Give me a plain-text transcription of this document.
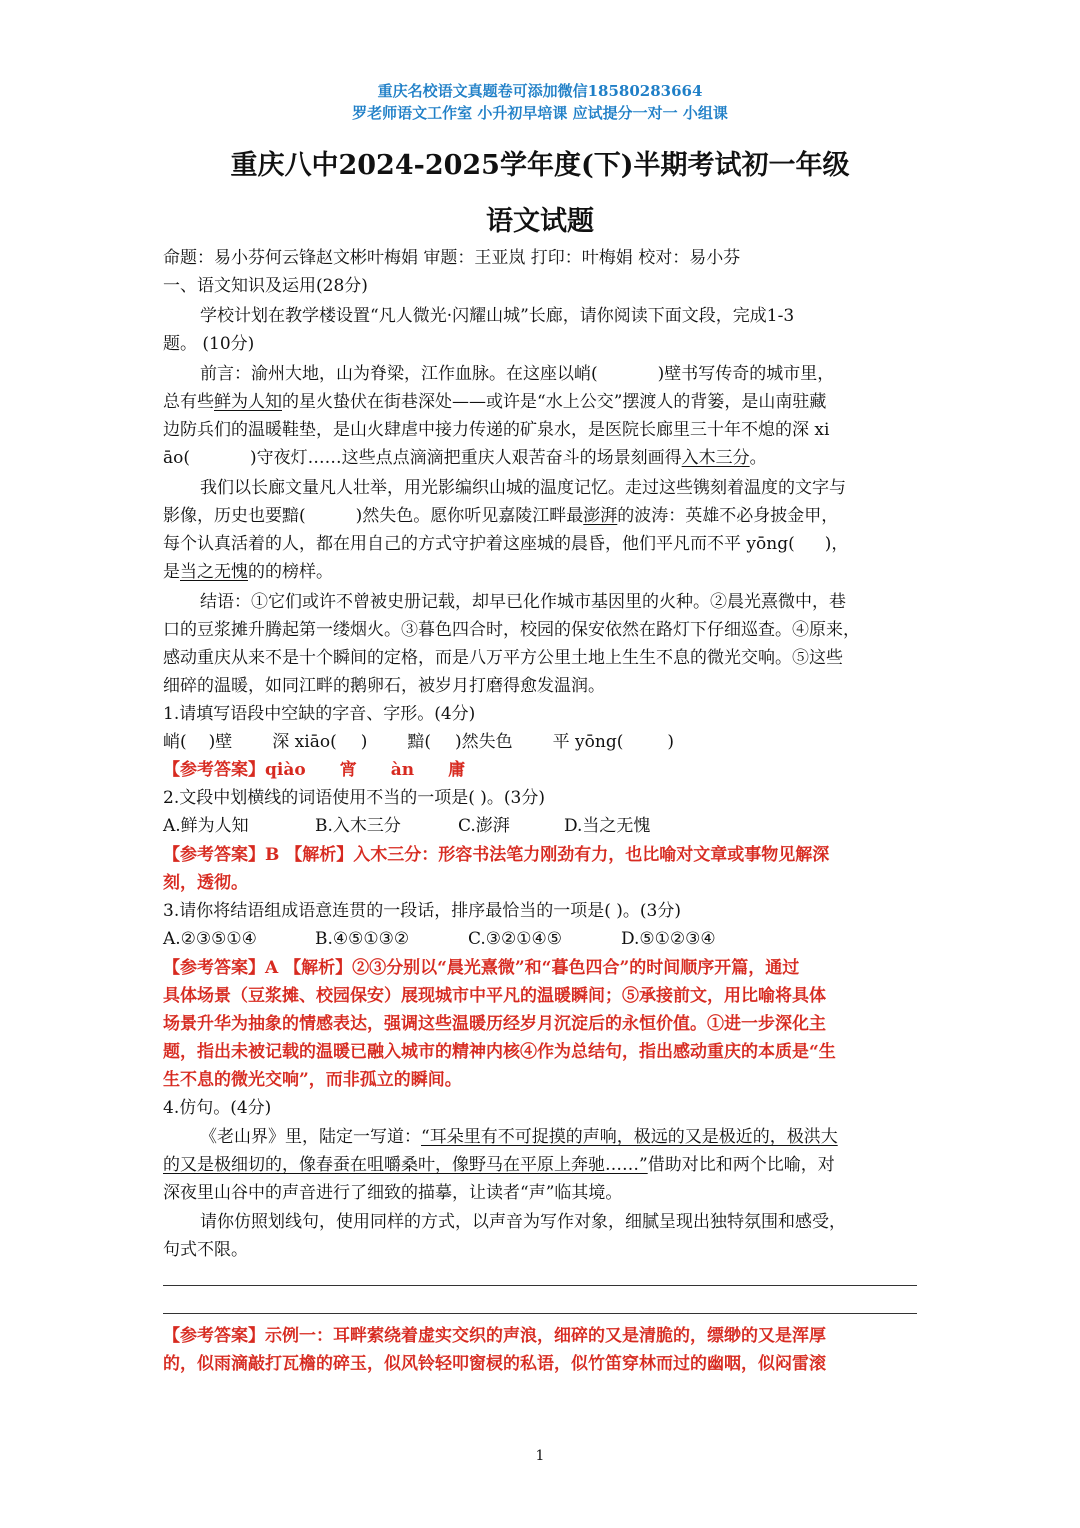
重庆名校语文真题卷可添加微信18580283664
罗老师语文工作室 小升初早培课 应试提分一对一 小组课
重庆八中2024-2025学年度(下)半期考试初一年级
语文试题
命题：易小芬何云锋赵文彬叶梅娟 审题：王亚岚 打印：叶梅娟 校对：易小芬
一、语文知识及运用(28分)
学校计划在教学楼设置“凡人微光·闪耀山城”长廊，请你阅读下面文段，完成1-3
题。 (10分)
前言：渝州大地，山为脊梁，江作血脉。在这座以峭(	)壁书写传奇的城市里，
总有些鲜为人知的星火蛰伏在街巷深处——或许是“水上公交”摆渡人的背篓，是山南驻藏
边防兵们的温暖鞋垫，是山火肆虐中接力传递的矿泉水，是医院长廊里三十年不熄的深 xi
āo(	)守夜灯……这些点点滴滴把重庆人艰苦奋斗的场景刻画得入木三分。
我们以长廊文量凡人壮举，用光影编织山城的温度记忆。走过这些镌刻着温度的文字与
影像，历史也要黯(	)然失色。愿你听见嘉陵江畔最澎湃的波涛：英雄不必身披金甲，
每个认真活着的人，都在用自己的方式守护着这座城的晨昏，他们平凡而不平 yōng( )，
是当之无愧的的榜样。
结语：①它们或许不曾被史册记载，却早已化作城市基因里的火种。②晨光熹微中，巷
口的豆浆摊升腾起第一缕烟火。③暮色四合时，校园的保安依然在路灯下仔细巡查。④原来，
感动重庆从来不是十个瞬间的定格，而是八万平方公里土地上生生不息的微光交响。⑤这些
细碎的温暖，如同江畔的鹅卵石，被岁月打磨得愈发温润。
1.请填写语段中空缺的字音、字形。(4分)
峭( )壁 深 xiāo( ) 黯( )然失色 平 yōng(	)
【参考答案】qiào 宵 àn 庸
2.文段中划横线的词语使用不当的一项是( )。(3分)
A.鲜为人知	B.入木三分	C.澎湃	D.当之无愧
【参考答案】B 【解析】入木三分：形容书法笔力刚劲有力，也比喻对文章或事物见解深
刻，透彻。
3.请你将结语组成语意连贯的一段话，排序最恰当的一项是( )。(3分)
A.②③⑤①④	B.④⑤①③②	C.③②①④⑤	D.⑤①②③④
【参考答案】A 【解析】②③分别以“晨光熹微”和“暮色四合”的时间顺序开篇，通过
具体场景（豆浆摊、校园保安）展现城市中平凡的温暖瞬间；⑤承接前文，用比喻将具体
场景升华为抽象的情感表达，强调这些温暖历经岁月沉淀后的永恒价值。①进一步深化主
题，指出未被记载的温暖已融入城市的精神内核④作为总结句，指出感动重庆的本质是“生
生不息的微光交响”，而非孤立的瞬间。
4.仿句。(4分)
《老山界》里，陆定一写道：“耳朵里有不可捉摸的声响，极远的又是极近的，极洪大
的又是极细切的，像春蚕在咀嚼桑叶，像野马在平原上奔驰……”借助对比和两个比喻，对
深夜里山谷中的声音进行了细致的描摹，让读者“声”临其境。
请你仿照划线句，使用同样的方式，以声音为写作对象，细腻呈现出独特氛围和感受，
句式不限。
【参考答案】示例一：耳畔萦绕着虚实交织的声浪，细碎的又是清脆的，缥缈的又是浑厚
的，似雨滴敲打瓦檐的碎玉，似风铃轻叩窗棂的私语，似竹笛穿林而过的幽咽，似闷雷滚
1
